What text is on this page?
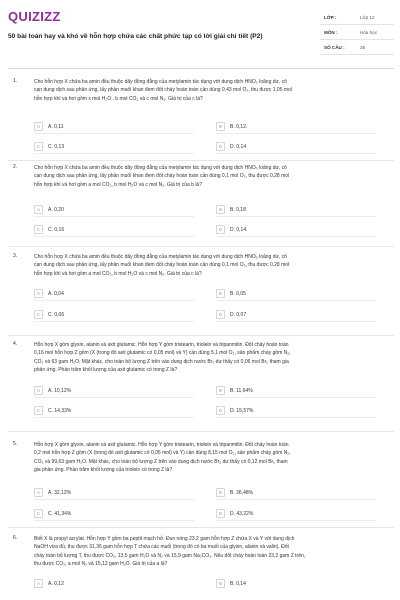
QUIZIZZ
50 bài toán hay và khó về hỗn hợp chứa các chất phức tạp có lời giải chi tiết (P2)
LỚP :	Lớp 12
MÔN :	Hóa học
SỐ CÂU :	25
1.	Cho hỗn hợp X chứa ba amin đều thuộc dãy đồng đẳng của metylamin tác dụng với dung dịch HNO₃ loãng dư, cô
cạn dung dịch sau phản ứng, lấy phần muối khan đem đốt cháy hoàn toàn cần dùng 0,43 mol O₂, thu được 1,05 mol
hỗn hợp khí và hơi gồm x mol H₂O , b mol CO₂ và c mol N₂. Giá trị của c là?
A	A. 0,11	B	B. 0,12.
C	C. 0,13	D	D. 0,14
2.	Cho hỗn hợp X chứa ba amin đều thuộc dãy đồng đẳng của metylamin tác dụng với dung dịch HNO₃ loãng dư, cô
cạn dung dịch sau phản ứng, lấy phần muối khan đem đốt cháy hoàn toàn cần dùng 0,1 mol O₂, thu được 0,28 mol
hỗn hợp khí và hơi gồm a mol CO₂, b mol H₂O và c mol N₂. Giá trị của b là?
A	A. 0,20	B	B. 0,18
C	C. 0,16	D	D. 0,14.
3.	Cho hỗn hợp X chứa ba amin đều thuộc dãy đồng đẳng của metylamin tác dụng với dung dịch HNO₃ loãng dư, cô
cạn dung dịch sau phản ứng, lấy phần muối khan đem đốt cháy hoàn toàn cần dùng 0,1 mol O₂, thu được 0,28 mol
hỗn hợp khí và hơi gồm a mol CO₂, b mol H₂O và c mol N₂. Giá trị của c là?
A	A. 0,04	B	B. 0,05
C	C. 0,06	D	D. 0,07
4.	Hỗn hợp X gồm glyxin, alanin và axit glutamic. Hỗn hợp Y gồm tristearin, triolein và tripanmitin. Đốt cháy hoàn toàn
0,16 mol hỗn hợp Z gồm (X (trong đó axit glutamic có 0,05 mol) và Y) cần dùng 5,1 mol O₂, sản phẩm cháy gồm N₂,
CO₂ và 63 gam H₂O. Mặt khác, cho toàn bộ lượng Z trên vào dung dịch nước Br₂ dư thấy có 0,06 mol Br₂ tham gia
phản ứng. Phần trăm khối lượng của axit glutamic có trong Z là?
A	A. 10,12%	B	B. 11,64%
C	C. 14,33%	D	D. 15,57%
5.	Hỗn hợp X gồm glyxin, alanin và axit glutamic. Hỗn hợp Y gồm tristearin, triolein và tripanmitin. Đốt cháy hoàn toàn
0,2 mol hỗn hợp Z gồm (X (trong đó axit glutamic có 0,05 mol) và Y) cần dùng 8,15 mol O₂, sản phẩm cháy gồm N₂,
CO₂ và 99,63 gam H₂O. Mặt khác, cho toàn bộ lượng Z trên vào dung dịch nước Br₂ dư thấy có 0,12 mol Br₂ tham
gia phản ứng. Phần trăm khối lượng của triolein có trong Z là?
A	A. 32,12%	B	B. 36,48%
C	C. 41,34%	D	D. 43,22%
6.	Biết X là propyl acrylat. Hỗn hợp Y gồm ba peptit mạch hở. Đun nóng 23,2 gam hỗn hợp Z chứa X và Y với dung dịch
NaOH vừa đủ, thu được 31,36 gam hỗn hợp T chứa các muối (trong đó có ba muối của glyxin, alanin và valin). Đốt
cháy toàn bộ lượng T, thu được CO₂, 13,5 gam H₂O và N₂ và 15,9 gam Na₂CO₃. Nếu đốt cháy hoàn toàn 23,2 gam Z trên,
thu được CO₂, a mol N₂ và 15,12 gam H₂O. Giá trị của a là?
A	A. 0,12	B	B. 0,14
